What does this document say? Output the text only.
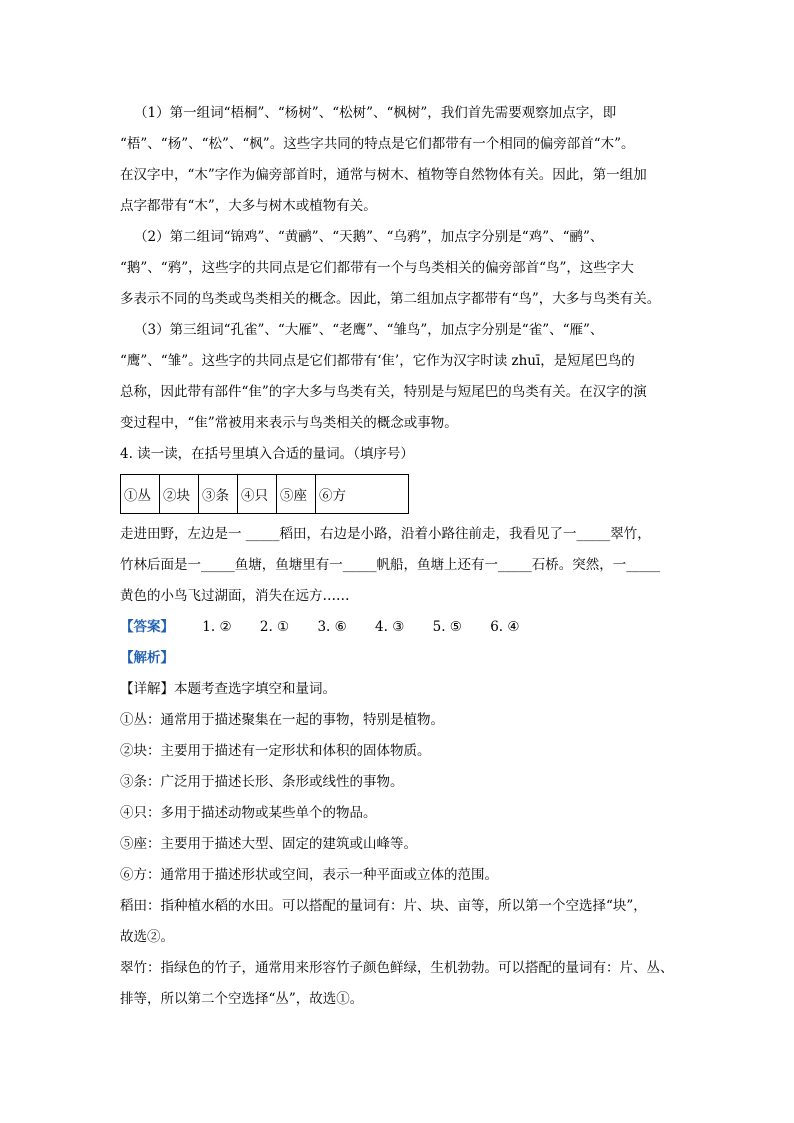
（1）第一组词“梧桐”、“杨树”、“松树”、“枫树”，我们首先需要观察加点字，即
“梧”、“杨”、“松”、“枫”。这些字共同的特点是它们都带有一个相同的偏旁部首“木”。
在汉字中，“木”字作为偏旁部首时，通常与树木、植物等自然物体有关。因此，第一组加
点字都带有“木”，大多与树木或植物有关。
（2）第二组词“锦鸡”、“黄鹂”、“天鹅”、“乌鸦”，加点字分别是“鸡”、“鹂”、
“鹅”、“鸦”，这些字的共同点是它们都带有一个与鸟类相关的偏旁部首“鸟”，这些字大
多表示不同的鸟类或鸟类相关的概念。因此，第二组加点字都带有“鸟”，大多与鸟类有关。
（3）第三组词“孔雀”、“大雁”、“老鹰”、“雏鸟”，加点字分别是“雀”、“雁”、
“鹰”、“雏”。这些字的共同点是它们都带有‘隹’，它作为汉字时读 zhuī，是短尾巴鸟的
总称，因此带有部件“隹”的字大多与鸟类有关，特别是与短尾巴的鸟类有关。在汉字的演
变过程中，“隹”常被用来表示与鸟类相关的概念或事物。
4. 读一读，在括号里填入合适的量词。（填序号）
①丛	②块	③条	④只	⑤座	⑥方
走进田野，左边是一 _____稻田，右边是小路，沿着小路往前走，我看见了一_____翠竹，
竹林后面是一_____鱼塘，鱼塘里有一_____帆船，鱼塘上还有一_____石桥。突然，一_____
黄色的小鸟飞过湖面，消失在远方……
【答案】 1. ② 2. ① 3. ⑥ 4. ③ 5. ⑤ 6. ④
【解析】
【详解】本题考查选字填空和量词。
①丛：通常用于描述聚集在一起的事物，特别是植物。
②块：主要用于描述有一定形状和体积的固体物质。
③条：广泛用于描述长形、条形或线性的事物。
④只：多用于描述动物或某些单个的物品。
⑤座：主要用于描述大型、固定的建筑或山峰等。
⑥方：通常用于描述形状或空间，表示一种平面或立体的范围。
稻田：指种植水稻的水田。可以搭配的量词有：片、块、亩等，所以第一个空选择“块”，
故选②。
翠竹：指绿色的竹子，通常用来形容竹子颜色鲜绿，生机勃勃。可以搭配的量词有：片、丛、
排等，所以第二个空选择“丛”，故选①。
